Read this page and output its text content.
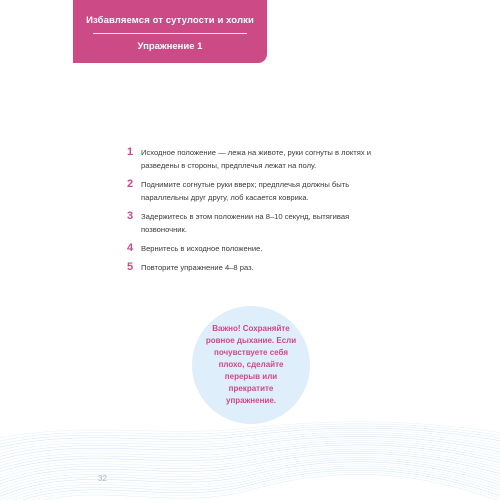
Избавляемся от сутулости и холки
Упражнение 1
1 Исходное положение — лежа на животе, руки согнуты в локтях и разведены в стороны, предплечья лежат на полу.
2 Поднимите согнутые руки вверх; предплечья должны быть параллельны друг другу, лоб касается коврика.
3 Задержитесь в этом положении на 8–10 секунд, вытягивая позвоночник.
4 Вернитесь в исходное положение.
5 Повторите упражнение 4–8 раз.

Важно! Сохраняйте ровное дыхание. Если почувствуете себя плохо, сделайте перерыв или прекратите упражнение.

32
